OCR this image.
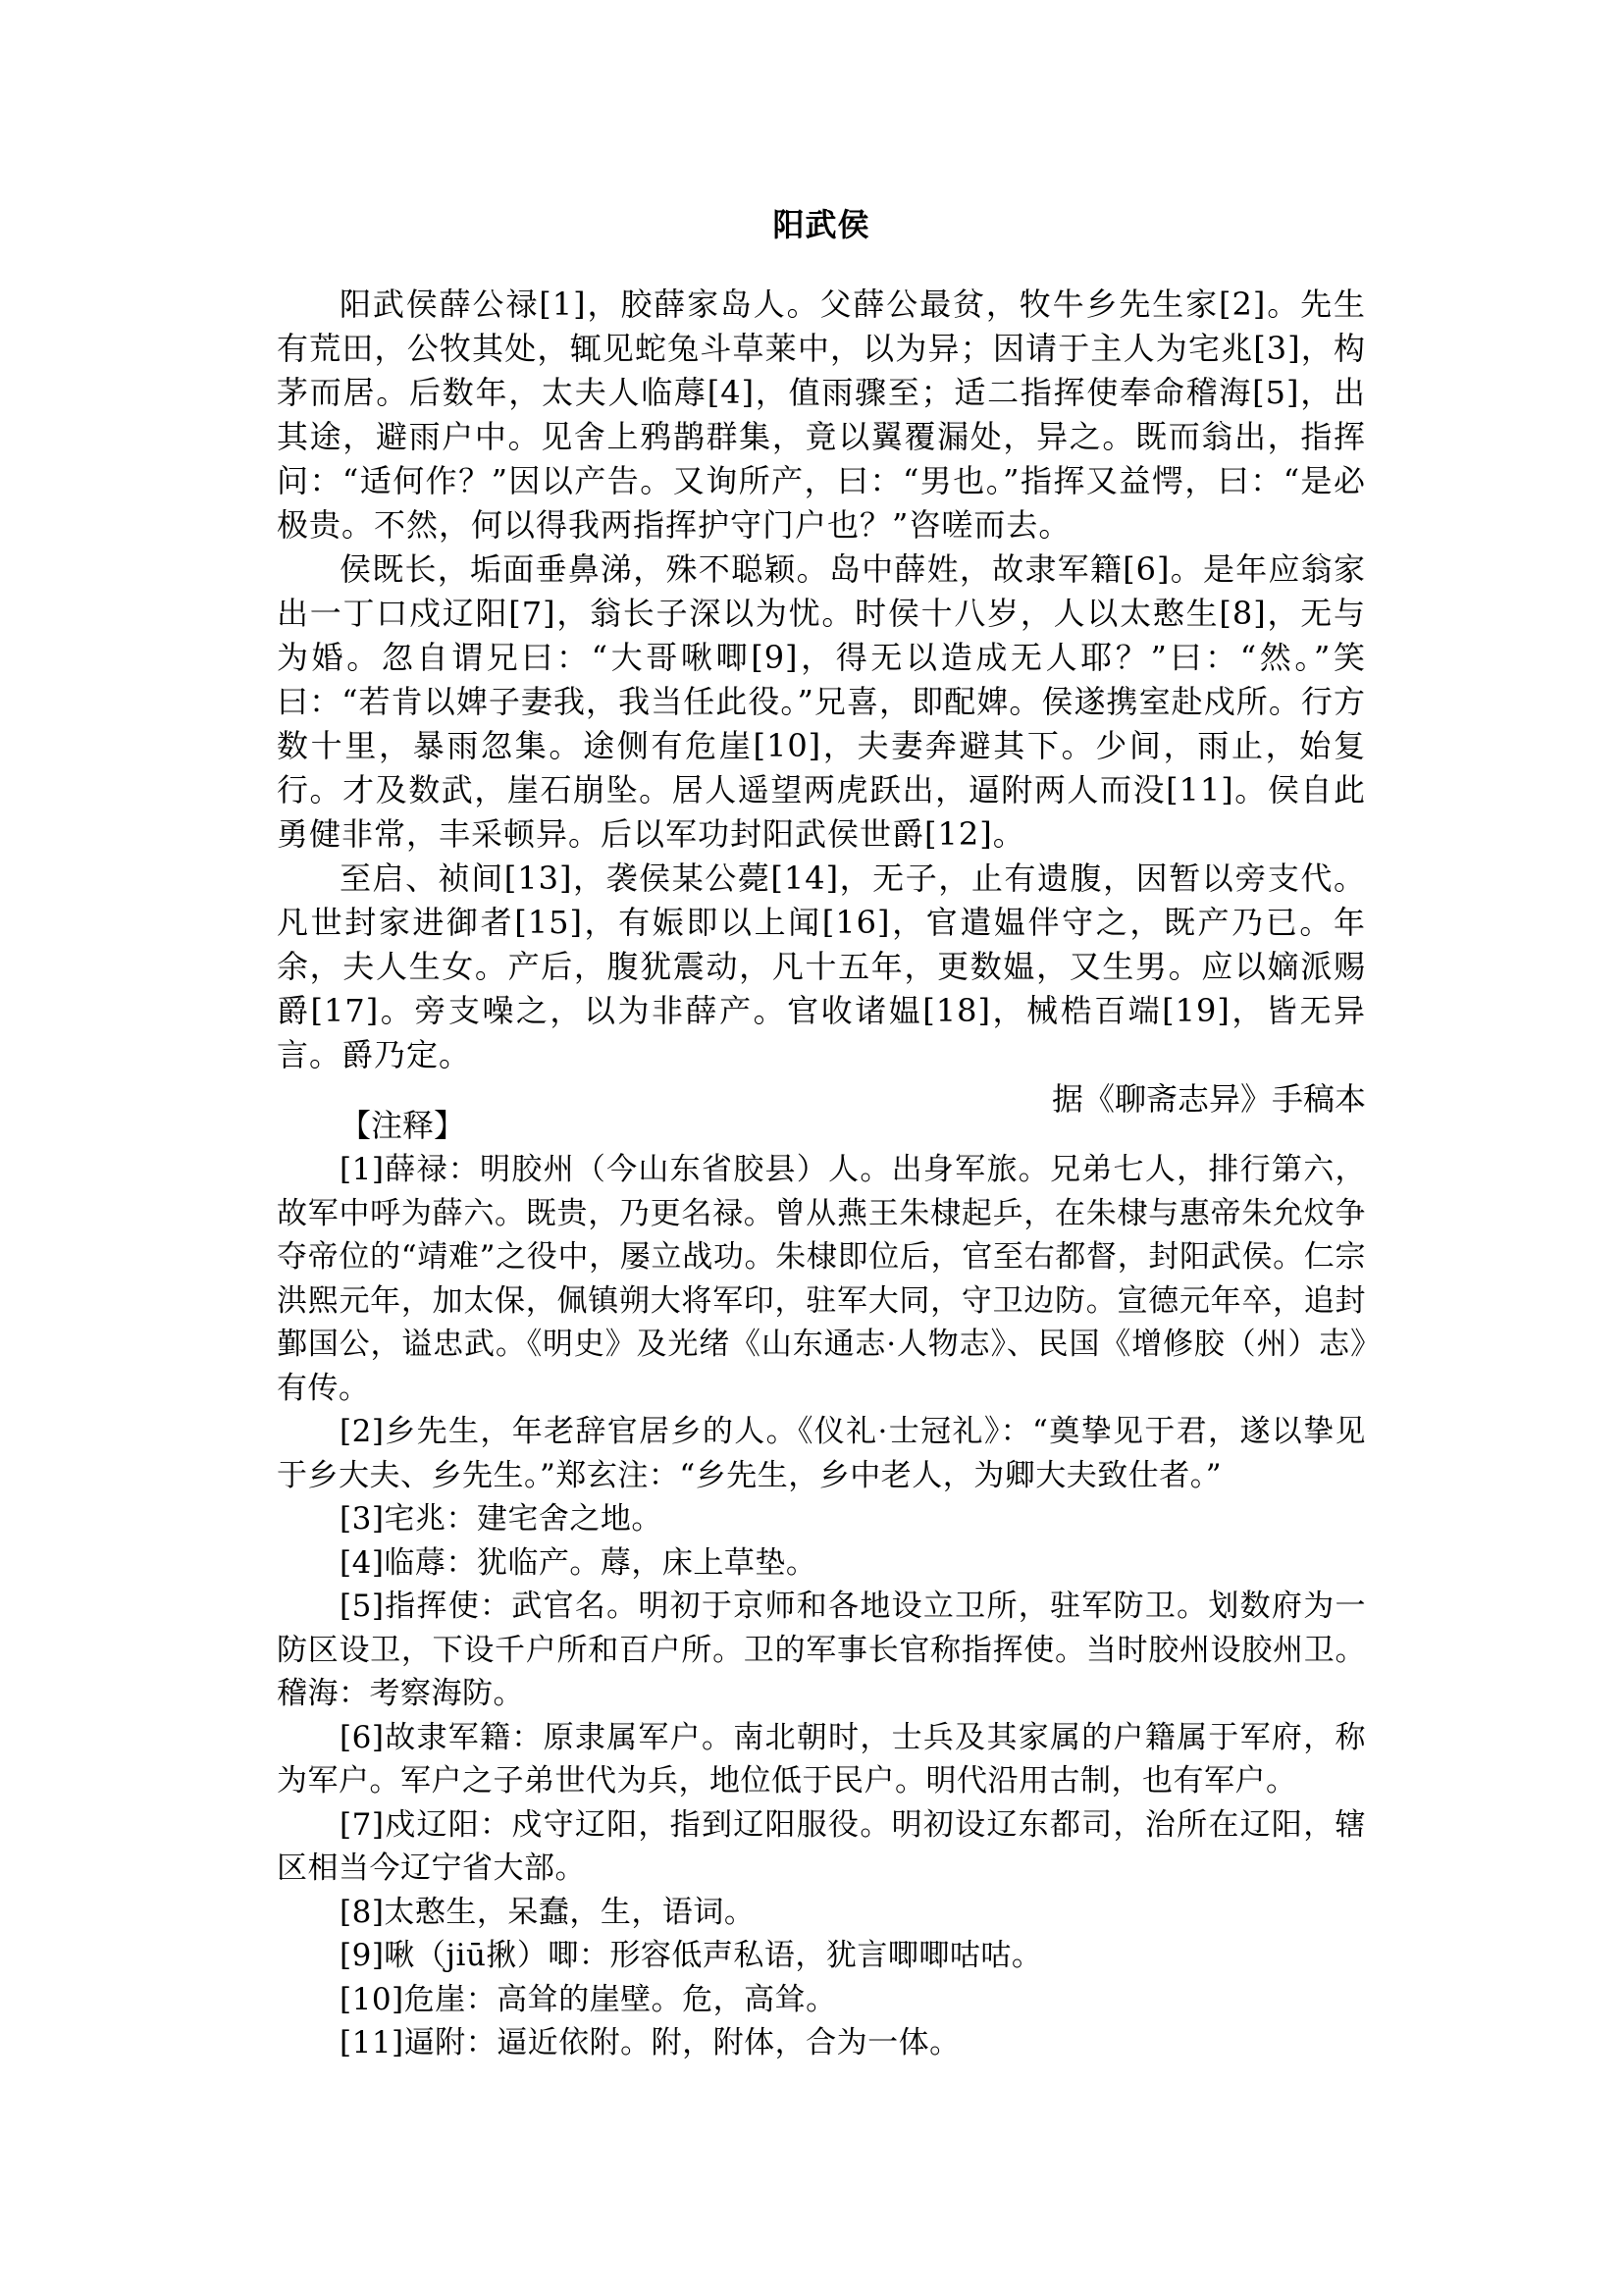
阳武侯

阳武侯薛公禄[1]，胶薛家岛人。父薛公最贫，牧牛乡先生家[2]。先生有荒田，公牧其处，辄见蛇兔斗草莱中，以为异；因请于主人为宅兆[3]，构茅而居。后数年，太夫人临蓐[4]，值雨骤至；适二指挥使奉命稽海[5]，出其途，避雨户中。见舍上鸦鹊群集，竟以翼覆漏处，异之。既而翁出，指挥问：“适何作？”因以产告。又询所产，曰：“男也。”指挥又益愕，曰：“是必极贵。不然，何以得我两指挥护守门户也？”咨嗟而去。

侯既长，垢面垂鼻涕，殊不聪颖。岛中薛姓，故隶军籍[6]。是年应翁家出一丁口戍辽阳[7]，翁长子深以为忧。时侯十八岁，人以太憨生[8]，无与为婚。忽自谓兄曰：“大哥啾唧[9]，得无以造成无人耶？”曰：“然。”笑曰：“若肯以婢子妻我，我当任此役。”兄喜，即配婢。侯遂携室赴戍所。行方数十里，暴雨忽集。途侧有危崖[10]，夫妻奔避其下。少间，雨止，始复行。才及数武，崖石崩坠。居人遥望两虎跃出，逼附两人而没[11]。侯自此勇健非常，丰采顿异。后以军功封阳武侯世爵[12]。

至启、祯间[13]，袭侯某公薨[14]，无子，止有遗腹，因暂以旁支代。凡世封家进御者[15]，有娠即以上闻[16]，官遣媪伴守之，既产乃已。年余，夫人生女。产后，腹犹震动，凡十五年，更数媪，又生男。应以嫡派赐爵[17]。旁支噪之，以为非薛产。官收诸媪[18]，械梏百端[19]，皆无异言。爵乃定。

据《聊斋志异》手稿本

【注释】

[1]薛禄：明胶州（今山东省胶县）人。出身军旅。兄弟七人，排行第六，故军中呼为薛六。既贵，乃更名禄。曾从燕王朱棣起乒，在朱棣与惠帝朱允炆争夺帝位的“靖难”之役中，屡立战功。朱棣即位后，官至右都督，封阳武侯。仁宗洪熙元年，加太保，佩镇朔大将军印，驻军大同，守卫边防。宣德元年卒，追封鄞国公，谥忠武。《明史》及光绪《山东通志·人物志》、民国《增修胶（州）志》有传。

[2]乡先生，年老辞官居乡的人。《仪礼·士冠礼》：“奠挚见于君，遂以挚见于乡大夫、乡先生。”郑玄注：“乡先生，乡中老人，为卿大夫致仕者。”

[3]宅兆：建宅舍之地。

[4]临蓐：犹临产。蓐，床上草垫。

[5]指挥使：武官名。明初于京师和各地设立卫所，驻军防卫。划数府为一防区设卫，下设千户所和百户所。卫的军事长官称指挥使。当时胶州设胶州卫。稽海：考察海防。

[6]故隶军籍：原隶属军户。南北朝时，士兵及其家属的户籍属于军府，称为军户。军户之子弟世代为兵，地位低于民户。明代沿用古制，也有军户。

[7]戍辽阳：戍守辽阳，指到辽阳服役。明初设辽东都司，治所在辽阳，辖区相当今辽宁省大部。

[8]太憨生，呆蠢，生，语词。

[9]啾（jiū揪）唧：形容低声私语，犹言唧唧咕咕。

[10]危崖：高耸的崖壁。危，高耸。

[11]逼附：逼近依附。附，附体，合为一体。
